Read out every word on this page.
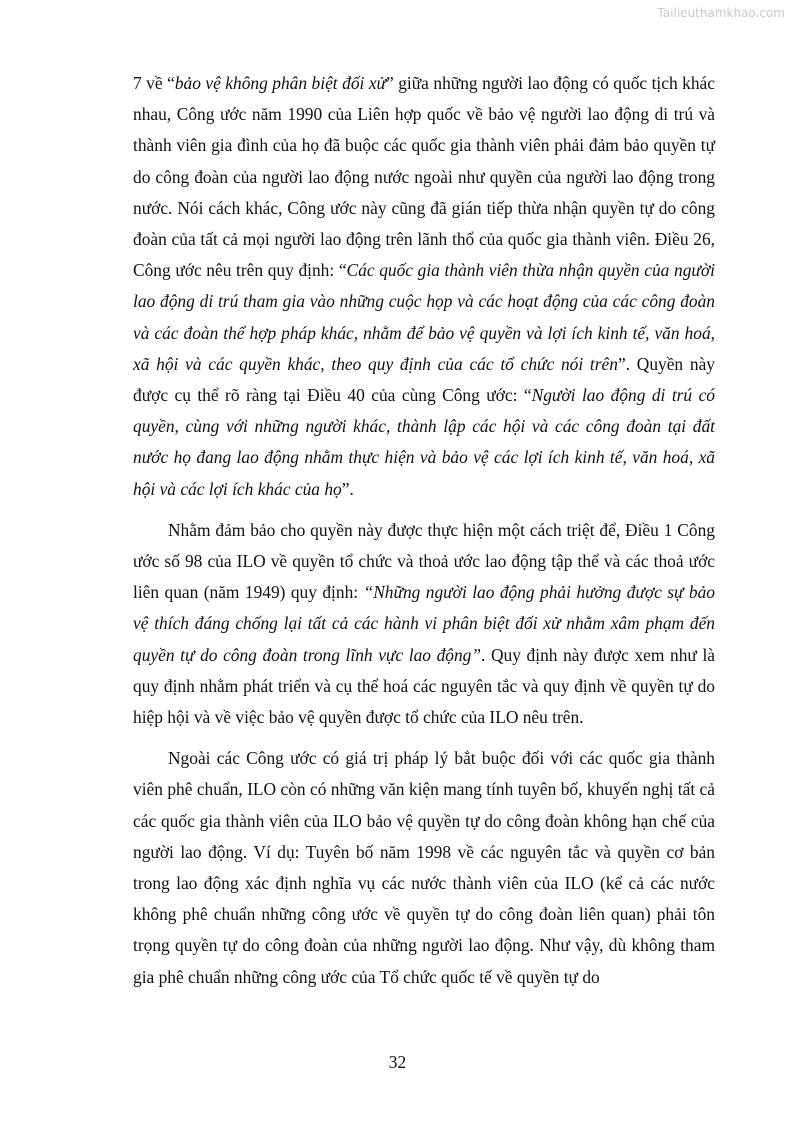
Tailieuthamkhao.com

7 về “bảo vệ không phân biệt đối xử” giữa những người lao động có quốc tịch khác nhau, Công ước năm 1990 của Liên hợp quốc về bảo vệ người lao động di trú và thành viên gia đình của họ đã buộc các quốc gia thành viên phải đảm bảo quyền tự do công đoàn của người lao động nước ngoài như quyền của người lao động trong nước. Nói cách khác, Công ước này cũng đã gián tiếp thừa nhận quyền tự do công đoàn của tất cả mọi người lao động trên lãnh thổ của quốc gia thành viên. Điều 26, Công ước nêu trên quy định: “Các quốc gia thành viên thừa nhận quyền của người lao động di trú tham gia vào những cuộc họp và các hoạt động của các công đoàn và các đoàn thể hợp pháp khác, nhằm để bảo vệ quyền và lợi ích kinh tế, văn hoá, xã hội và các quyền khác, theo quy định của các tổ chức nói trên”. Quyền này được cụ thể rõ ràng tại Điều 40 của cùng Công ước: “Người lao động di trú có quyền, cùng với những người khác, thành lập các hội và các công đoàn tại đất nước họ đang lao động nhằm thực hiện và bảo vệ các lợi ích kinh tế, văn hoá, xã hội và các lợi ích khác của họ”.

Nhằm đảm bảo cho quyền này được thực hiện một cách triệt để, Điều 1 Công ước số 98 của ILO về quyền tổ chức và thoả ước lao động tập thể và các thoả ước liên quan (năm 1949) quy định: “Những người lao động phải hưởng được sự bảo vệ thích đáng chống lại tất cả các hành vi phân biệt đối xử nhằm xâm phạm đến quyền tự do công đoàn trong lĩnh vực lao động”. Quy định này được xem như là quy định nhằm phát triển và cụ thể hoá các nguyên tắc và quy định về quyền tự do hiệp hội và về việc bảo vệ quyền được tổ chức của ILO nêu trên.

Ngoài các Công ước có giá trị pháp lý bắt buộc đối với các quốc gia thành viên phê chuẩn, ILO còn có những văn kiện mang tính tuyên bố, khuyến nghị tất cả các quốc gia thành viên của ILO bảo vệ quyền tự do công đoàn không hạn chế của người lao động. Ví dụ: Tuyên bố năm 1998 về các nguyên tắc và quyền cơ bản trong lao động xác định nghĩa vụ các nước thành viên của ILO (kể cả các nước không phê chuẩn những công ước về quyền tự do công đoàn liên quan) phải tôn trọng quyền tự do công đoàn của những người lao động. Như vậy, dù không tham gia phê chuẩn những công ước của Tổ chức quốc tế về quyền tự do

32
